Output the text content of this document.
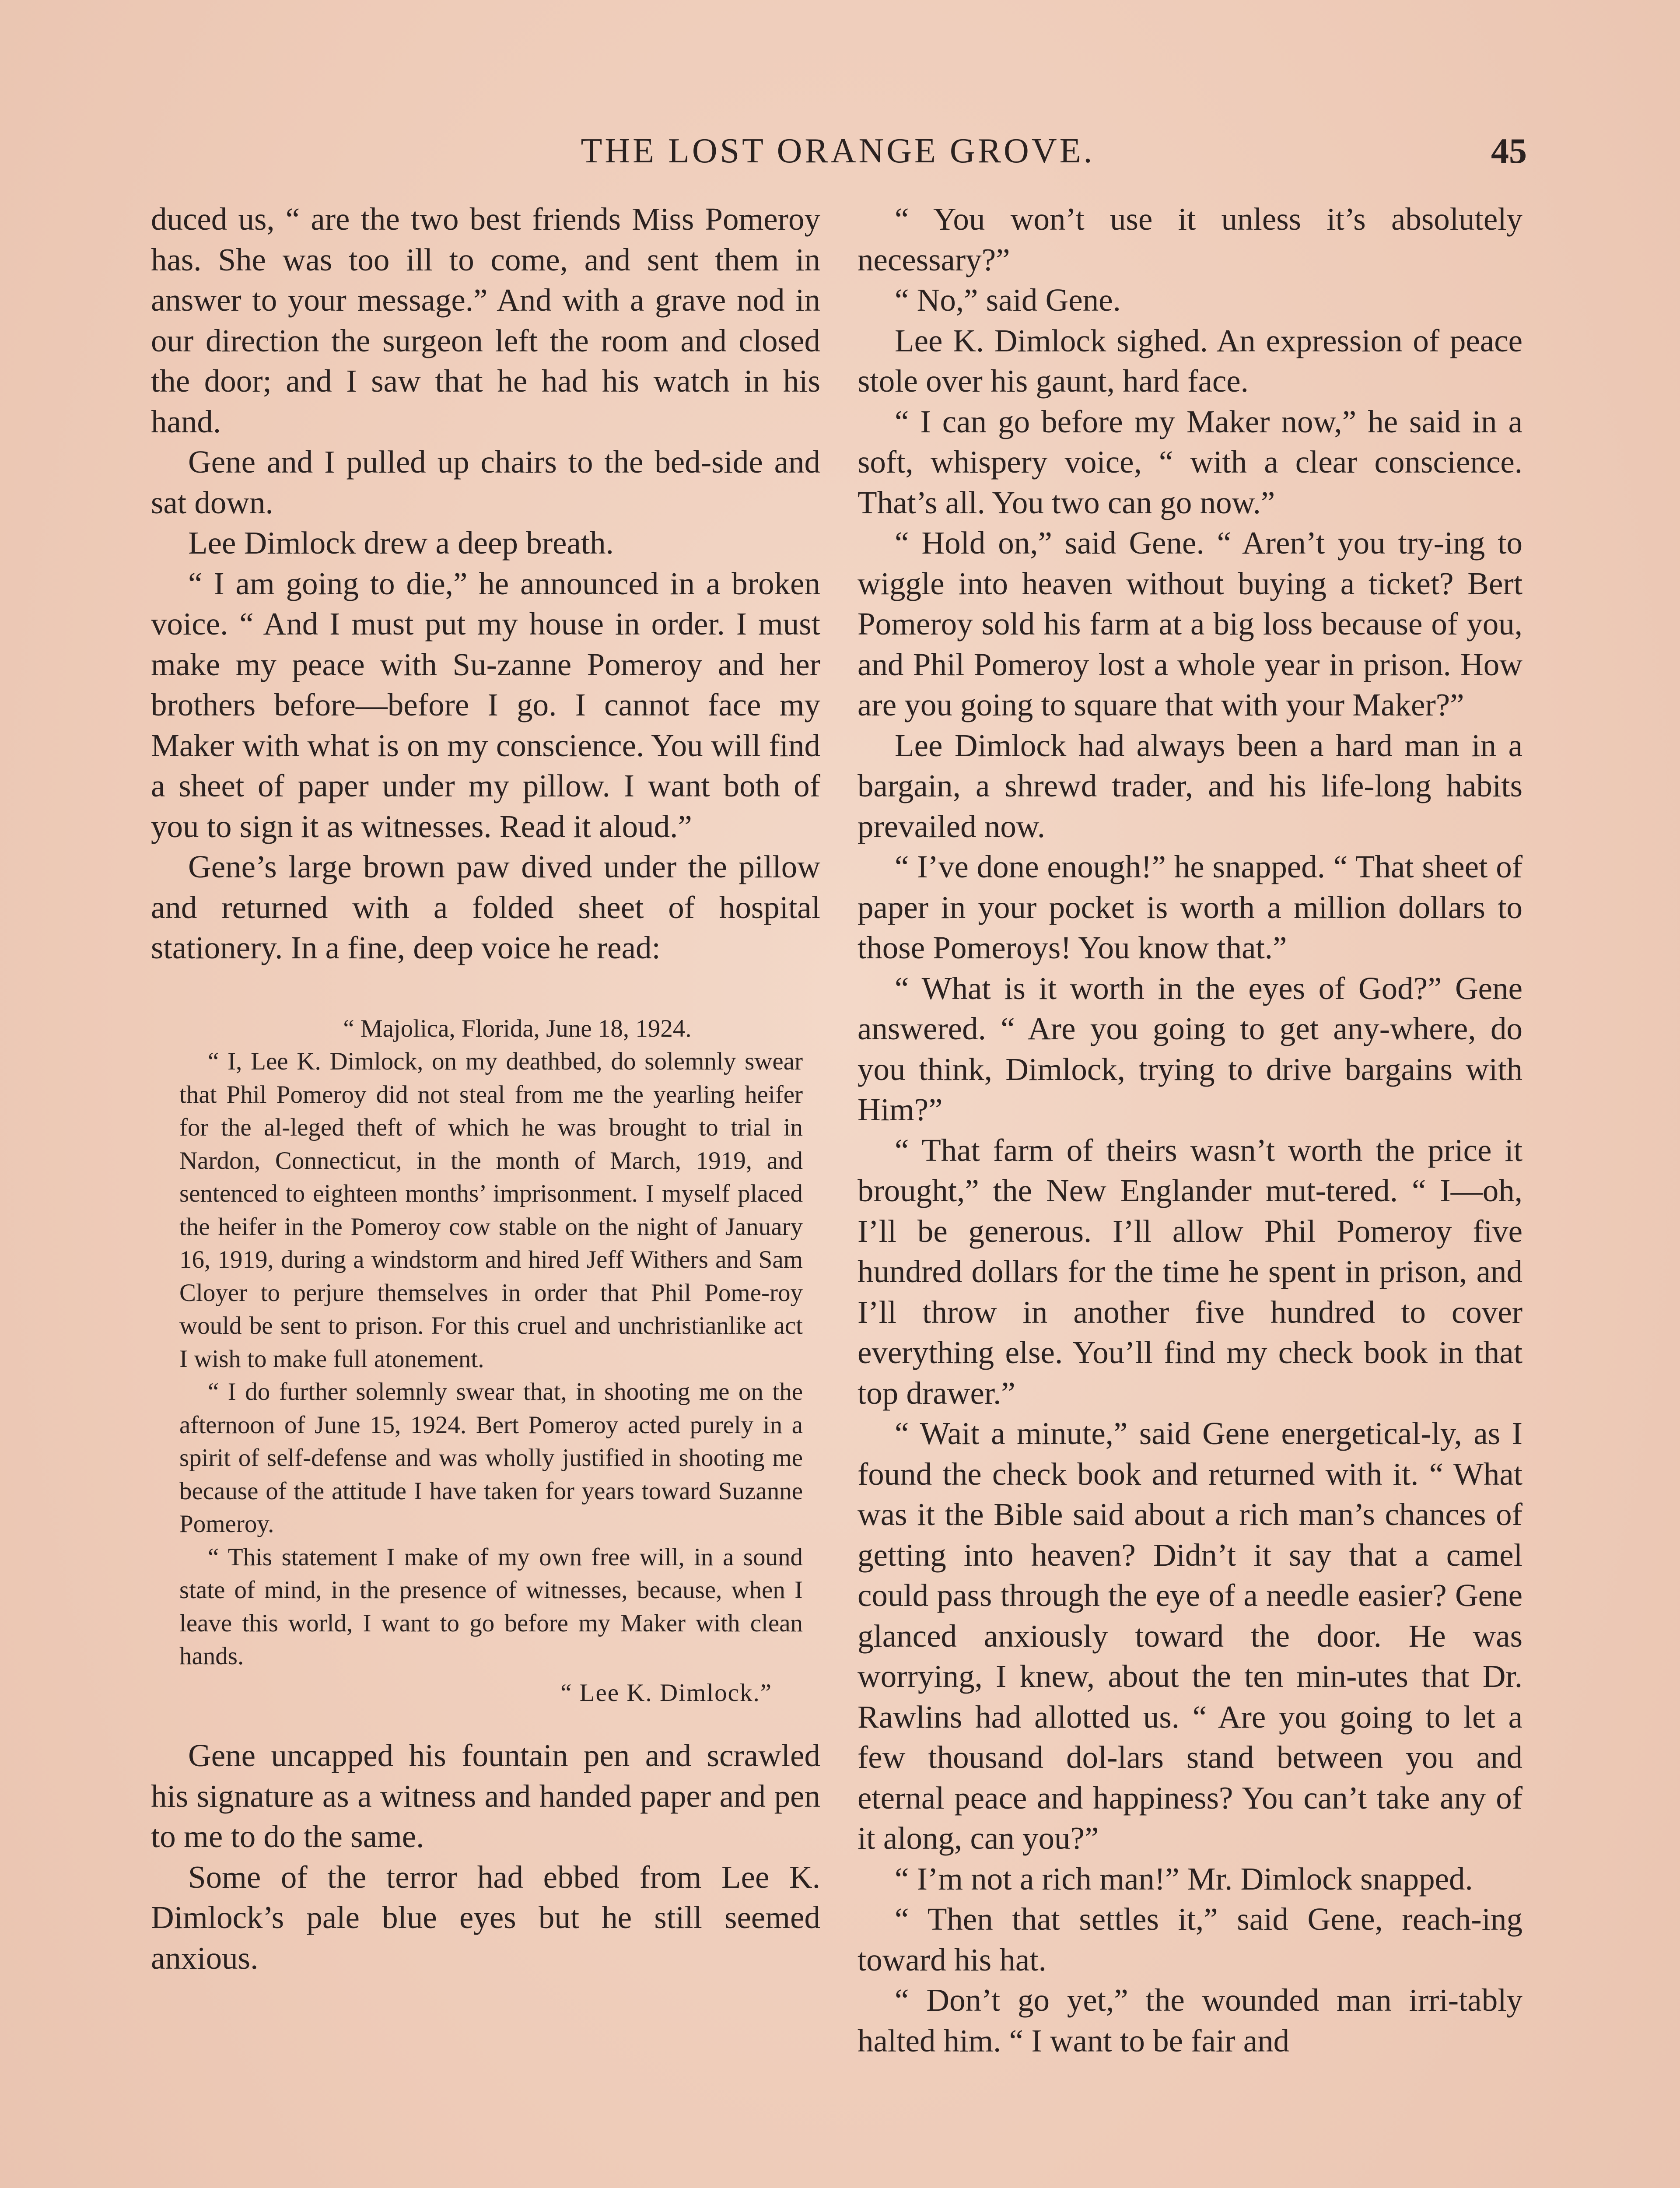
THE LOST ORANGE GROVE.	45

duced us, “ are the two best friends Miss Pomeroy has. She was too ill to come, and sent them in answer to your message.” And with a grave nod in our direction the surgeon left the room and closed the door; and I saw that he had his watch in his hand.

Gene and I pulled up chairs to the bed-side and sat down.

Lee Dimlock drew a deep breath.

“ I am going to die,” he announced in a broken voice. “ And I must put my house in order. I must make my peace with Su-zanne Pomeroy and her brothers before—before I go. I cannot face my Maker with what is on my conscience. You will find a sheet of paper under my pillow. I want both of you to sign it as witnesses. Read it aloud.”

Gene’s large brown paw dived under the pillow and returned with a folded sheet of hospital stationery. In a fine, deep voice he read:

“ Majolica, Florida, June 18, 1924.

“ I, Lee K. Dimlock, on my deathbed, do solemnly swear that Phil Pomeroy did not steal from me the yearling heifer for the al-leged theft of which he was brought to trial in Nardon, Connecticut, in the month of March, 1919, and sentenced to eighteen months’ imprisonment. I myself placed the heifer in the Pomeroy cow stable on the night of January 16, 1919, during a windstorm and hired Jeff Withers and Sam Cloyer to perjure themselves in order that Phil Pome-roy would be sent to prison. For this cruel and unchristianlike act I wish to make full atonement.

“ I do further solemnly swear that, in shooting me on the afternoon of June 15, 1924. Bert Pomeroy acted purely in a spirit of self-defense and was wholly justified in shooting me because of the attitude I have taken for years toward Suzanne Pomeroy.

“ This statement I make of my own free will, in a sound state of mind, in the presence of witnesses, because, when I leave this world, I want to go before my Maker with clean hands.

“ Lee K. Dimlock.”

Gene uncapped his fountain pen and scrawled his signature as a witness and handed paper and pen to me to do the same.

Some of the terror had ebbed from Lee K. Dimlock’s pale blue eyes but he still seemed anxious.

“ You won’t use it unless it’s absolutely necessary?”

“ No,” said Gene.

Lee K. Dimlock sighed. An expression of peace stole over his gaunt, hard face.

“ I can go before my Maker now,” he said in a soft, whispery voice, “ with a clear conscience. That’s all. You two can go now.”

“ Hold on,” said Gene. “ Aren’t you try-ing to wiggle into heaven without buying a ticket? Bert Pomeroy sold his farm at a big loss because of you, and Phil Pomeroy lost a whole year in prison. How are you going to square that with your Maker?”

Lee Dimlock had always been a hard man in a bargain, a shrewd trader, and his life-long habits prevailed now.

“ I’ve done enough!” he snapped. “ That sheet of paper in your pocket is worth a million dollars to those Pomeroys! You know that.”

“ What is it worth in the eyes of God?” Gene answered. “ Are you going to get any-where, do you think, Dimlock, trying to drive bargains with Him?”

“ That farm of theirs wasn’t worth the price it brought,” the New Englander mut-tered. “ I—oh, I’ll be generous. I’ll allow Phil Pomeroy five hundred dollars for the time he spent in prison, and I’ll throw in another five hundred to cover everything else. You’ll find my check book in that top drawer.”

“ Wait a minute,” said Gene energetical-ly, as I found the check book and returned with it. “ What was it the Bible said about a rich man’s chances of getting into heaven? Didn’t it say that a camel could pass through the eye of a needle easier? Gene glanced anxiously toward the door. He was worrying, I knew, about the ten min-utes that Dr. Rawlins had allotted us. “ Are you going to let a few thousand dol-lars stand between you and eternal peace and happiness? You can’t take any of it along, can you?”

“ I’m not a rich man!” Mr. Dimlock snapped.

“ Then that settles it,” said Gene, reach-ing toward his hat.

“ Don’t go yet,” the wounded man irri-tably halted him. “ I want to be fair and
